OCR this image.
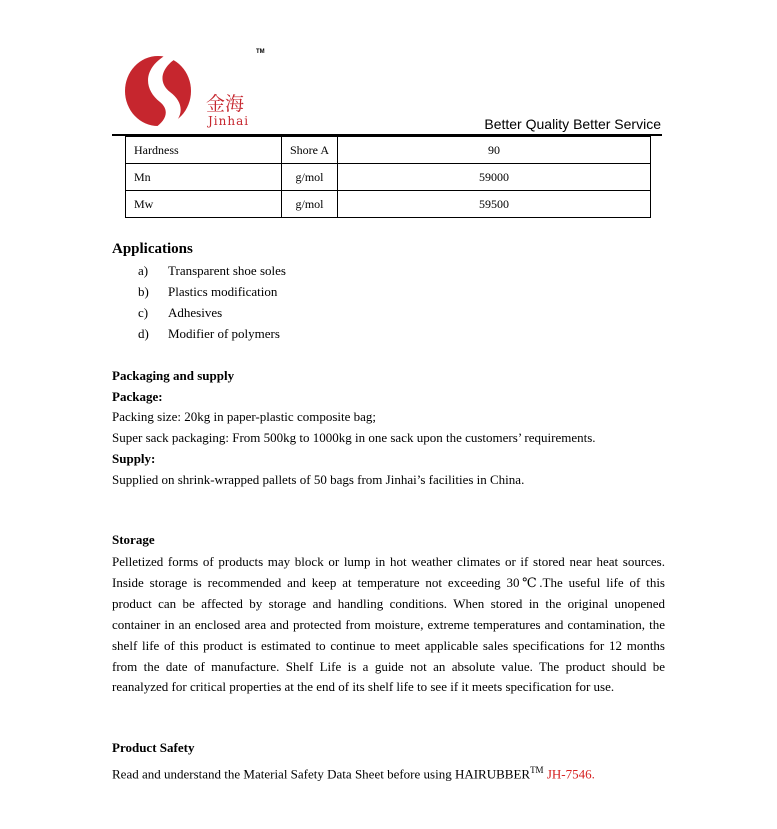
金海
Jinhai
TM
Better Quality Better Service
Hardness	Shore A	90
Mn	g/mol	59000
Mw	g/mol	59500
Applications
a) Transparent shoe soles
b) Plastics modification
c) Adhesives
d) Modifier of polymers
Packaging and supply
Package:
Packing size: 20kg in paper-plastic composite bag;
Super sack packaging: From 500kg to 1000kg in one sack upon the customers’ requirements.
Supply:
Supplied on shrink-wrapped pallets of 50 bags from Jinhai’s facilities in China.
Storage

Pelletized forms of products may block or lump in hot weather climates or if stored near heat sources. Inside storage is recommended and keep at temperature not exceeding 30℃.The useful life of this product can be affected by storage and handling conditions. When stored in the original unopened container in an enclosed area and protected from moisture, extreme temperatures and contamination, the shelf life of this product is estimated to continue to meet applicable sales specifications for 12 months from the date of manufacture. Shelf Life is a guide not an absolute value. The product should be reanalyzed for critical properties at the end of its shelf life to see if it meets specification for use.

Product Safety
Read and understand the Material Safety Data Sheet before using HAIRUBBER™ JH-7546.
